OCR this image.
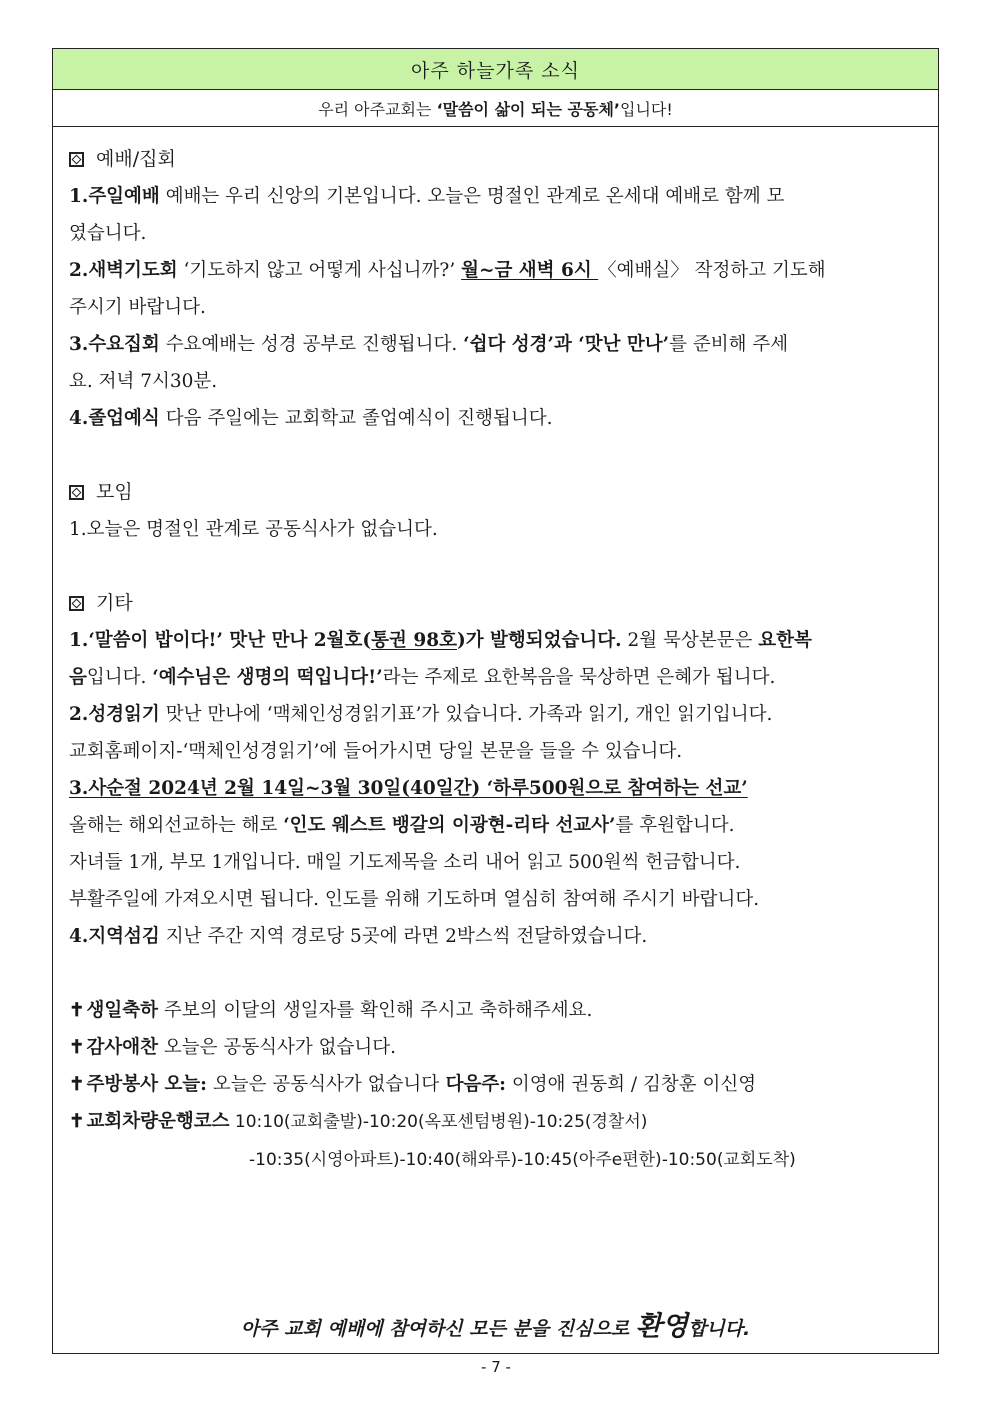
아주 하늘가족 소식
우리 아주교회는 ‘말씀이 삶이 되는 공동체’입니다!
예배/집회

1.주일예배 예배는 우리 신앙의 기본입니다. 오늘은 명절인 관계로 온세대 예배로 함께 모

였습니다.

2.새벽기도회 ‘기도하지 않고 어떻게 사십니까?’ 월~금 새벽 6시 〈예배실〉 작정하고 기도해

주시기 바랍니다.

3.수요집회 수요예배는 성경 공부로 진행됩니다. ‘쉽다 성경’과 ‘맛난 만나’를 준비해 주세

요. 저녁 7시30분.

4.졸업예식 다음 주일에는 교회학교 졸업예식이 진행됩니다.

모임

1.오늘은 명절인 관계로 공동식사가 없습니다.

기타

1.‘말씀이 밥이다!’ 맛난 만나 2월호(통권 98호)가 발행되었습니다. 2월 묵상본문은 요한복

음입니다. ‘예수님은 생명의 떡입니다!’라는 주제로 요한복음을 묵상하면 은혜가 됩니다.

2.성경읽기 맛난 만나에 ‘맥체인성경읽기표’가 있습니다. 가족과 읽기, 개인 읽기입니다.

교회홈페이지-‘맥체인성경읽기’에 들어가시면 당일 본문을 들을 수 있습니다.

3.사순절 2024년 2월 14일~3월 30일(40일간) ‘하루500원으로 참여하는 선교’

올해는 해외선교하는 해로 ‘인도 웨스트 뱅갈의 이광현-리타 선교사’를 후원합니다.

자녀들 1개, 부모 1개입니다. 매일 기도제목을 소리 내어 읽고 500원씩 헌금합니다.

부활주일에 가져오시면 됩니다. 인도를 위해 기도하며 열심히 참여해 주시기 바랍니다.

4.지역섬김 지난 주간 지역 경로당 5곳에 라면 2박스씩 전달하였습니다.

✝ 생일축하 주보의 이달의 생일자를 확인해 주시고 축하해주세요.

✝ 감사애찬 오늘은 공동식사가 없습니다.

✝ 주방봉사 오늘: 오늘은 공동식사가 없습니다 다음주: 이영애 권동희 / 김창훈 이신영

✝ 교회차량운행코스 10:10(교회출발)-10:20(옥포센텀병원)-10:25(경찰서)

-10:35(시영아파트)-10:40(해와루)-10:45(아주e편한)-10:50(교회도착)

아주 교회 예배에 참여하신 모든 분을 진심으로 환영합니다.
- 7 -
